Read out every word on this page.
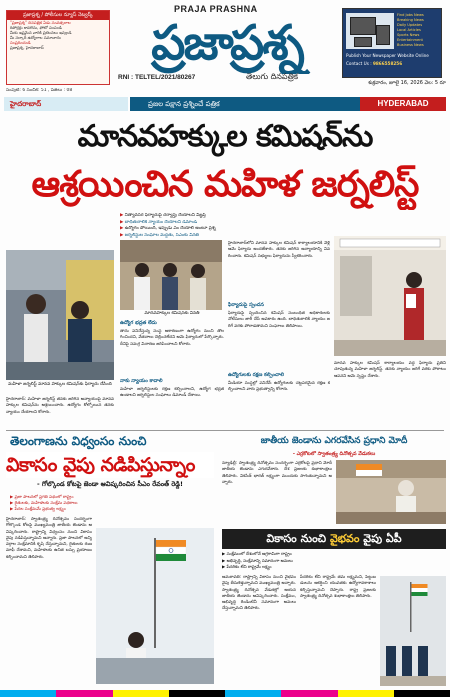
ప్రజాప్రశ్న / పోలీసుల న్యూస్ నెట్వర్క్
"ప్రజాప్రశ్న" దినపత్రిక ఏడు సంవత్సరాల
రిపోర్టర్లు కావలెను, ఫోటో పంపండి
మీకు ఇష్టమైన వారికి ప్రకటనలు ఇవ్వండి
మీ సర్కారీ ఉద్యోగాల సమాచారం
సంప్రదించండి
ప్రజాప్రశ్న, హైదరాబాద్
సంపుటి: 6 సంచిక: 51 , పేజీలు : 08
PRAJA PRASHNA
ప్రజాప్రశ్న
RNI : TELTEL/2021/80267	తెలుగు దినపత్రిక
Find Jobs News
Breaking News
Daily Updates
Local Articles
Sports News
Entertainment
Business News
Publish Your Newspaper Website Online
Contact Us : 9866558256
శుక్రవారం, జూలై 16, 2026 వెల: 5 రూ
హైదరాబాద్	ప్రజల పక్షాన ప్రశ్నించే పత్రిక	HYDERABAD
మానవహక్కుల కమిషన్‌ను
ఆశ్రయించిన మహిళ జర్నలిస్ట్
▶ నిత్యావసర ఫిర్యాదుపై దర్యాప్తు చేయాలని విజ్ఞప్తి
▶ బాధితురాలికి న్యాయం చేయాలని డిమాండ్
▶ ఉద్యోగం పోయింది, ఇప్పుడు ఏం చేయాలి అంటూ ప్రశ్న
▶ జర్నలిస్టుల సంఘాల మద్దతు, సీఎంకు వినతి
మహిళా జర్నలిస్ట్ మానవ హక్కుల కమిషన్‌కు ఫిర్యాదు చేసింది
హైదరాబాద్: మహిళా జర్నలిస్ట్ తనకు జరిగిన అన్యాయంపై మానవ హక్కుల కమిషన్‌ను ఆశ్రయించారు. ఉద్యోగం కోల్పోయిన తనకు న్యాయం చేయాలని కోరారు.
మానవహక్కుల కమిషన్‌కు వినతి
ఉద్యోగ భద్రత లేదు
తాను పనిచేస్తున్న సంస్థ అకారణంగా ఉద్యోగం నుంచి తొలగించిందని, వేతనాలు చెల్లించలేదని ఆమె ఫిర్యాదులో పేర్కొన్నారు. దీనిపై సమగ్ర విచారణ జరిపించాలని కోరారు.
నాకు న్యాయం కావాలి
మహిళా జర్నలిస్టులకు రక్షణ కల్పించాలని, ఉద్యోగ భద్రత ఉండాలని జర్నలిస్టుల సంఘాలు డిమాండ్ చేశాయి.
హైదరాబాద్‌లోని మానవ హక్కుల కమిషన్ కార్యాలయానికి వెళ్లి ఆమె ఫిర్యాదు అందజేశారు. తనకు జరిగిన అన్యాయాన్ని వివరించారు. కమిషన్ సభ్యులు ఫిర్యాదును స్వీకరించారు.
ఫిర్యాదుపై స్పందన
ఫిర్యాదుపై స్పందించిన కమిషన్ సంబంధిత అధికారులకు నోటీసులు జారీ చేసే అవకాశం ఉంది. బాధితురాలికి న్యాయం జరిగే వరకు పోరాడతామని సంఘాలు తెలిపాయి.
ఉద్యోగులకు రక్షణ కల్పించాలి
మీడియా సంస్థల్లో పనిచేసే ఉద్యోగులకు చట్టపరమైన రక్షణ కల్పించాలని వారు ప్రభుత్వాన్ని కోరారు.
మానవ హక్కుల కమిషన్ కార్యాలయం వద్ద ఫిర్యాదు ప్రతిని చూపుతున్న మహిళా జర్నలిస్ట్. తనకు న్యాయం జరిగే వరకు పోరాటం ఆపనని ఆమె స్పష్టం చేశారు.
తెలంగాణను విధ్వంసం నుంచి
వికాసం వైపు నడిపిస్తున్నాం
- గోల్కొండ కోటపై జెండా ఆవిష్కరించిన సీఎం రేవంత్ రెడ్డి!
▶ ప్రజా పాలనలో ప్రగతి పథంలో రాష్ట్రం
▶ రైతులకు, మహిళలకు సంక్షేమ పథకాలు
▶ పేదల సంక్షేమమే ప్రభుత్వ లక్ష్యం
హైదరాబాద్: స్వాతంత్ర్య దినోత్సవం సందర్భంగా గోల్కొండ కోటపై ముఖ్యమంత్రి జాతీయ జెండాను ఆవిష్కరించారు. రాష్ట్రాన్ని విధ్వంసం నుంచి వికాసం వైపు నడిపిస్తున్నామని అన్నారు. ప్రజా పాలనలో అన్ని వర్గాల సంక్షేమానికి కృషి చేస్తున్నామని, రైతులకు రుణమాఫీ చేశామని, మహిళలకు ఉచిత బస్సు ప్రయాణం కల్పించామని తెలిపారు.
జాతీయ జెండాను ఎగరవేసిన ప్రధాని మోదీ
- ఎర్రకోటలో స్వాతంత్ర్య దినోత్సవ వేడుకలు
న్యూఢిల్లీ: స్వాతంత్ర్య దినోత్సవం సందర్భంగా ఎర్రకోటపై ప్రధాని మోదీ జాతీయ జెండాను ఎగురవేశారు. దేశ ప్రజలకు శుభాకాంక్షలు తెలిపారు. వికసిత్ భారత్ లక్ష్యంగా ముందుకు సాగుతున్నామని అన్నారు.
వికాసం నుంచి వైభవం వైపు ఏపీ
▶ సంక్షేమంలో దేశంలోనే అగ్రగామిగా రాష్ట్రం
▶ అభివృద్ధి, సంక్షేమాన్ని సమానంగా అమలు
▶ పేదరికం లేని రాష్ట్రమే లక్ష్యం
అమరావతి: రాష్ట్రాన్ని వికాసం నుంచి వైభవం వైపు తీసుకెళ్తున్నామని ముఖ్యమంత్రి అన్నారు. స్వాతంత్ర్య దినోత్సవ వేడుకల్లో ఆయన జాతీయ జెండాను ఆవిష్కరించారు. సంక్షేమం, అభివృద్ధి రెండింటినీ సమానంగా అమలు చేస్తున్నామని తెలిపారు.
పేదరికం లేని రాష్ట్రమే తమ లక్ష్యమని, పెట్టుబడులను ఆకర్షించి యువతకు ఉద్యోగావకాశాలు కల్పిస్తున్నామని చెప్పారు. రాష్ట్ర ప్రజలకు స్వాతంత్ర్య దినోత్సవ శుభాకాంక్షలు తెలిపారు.
